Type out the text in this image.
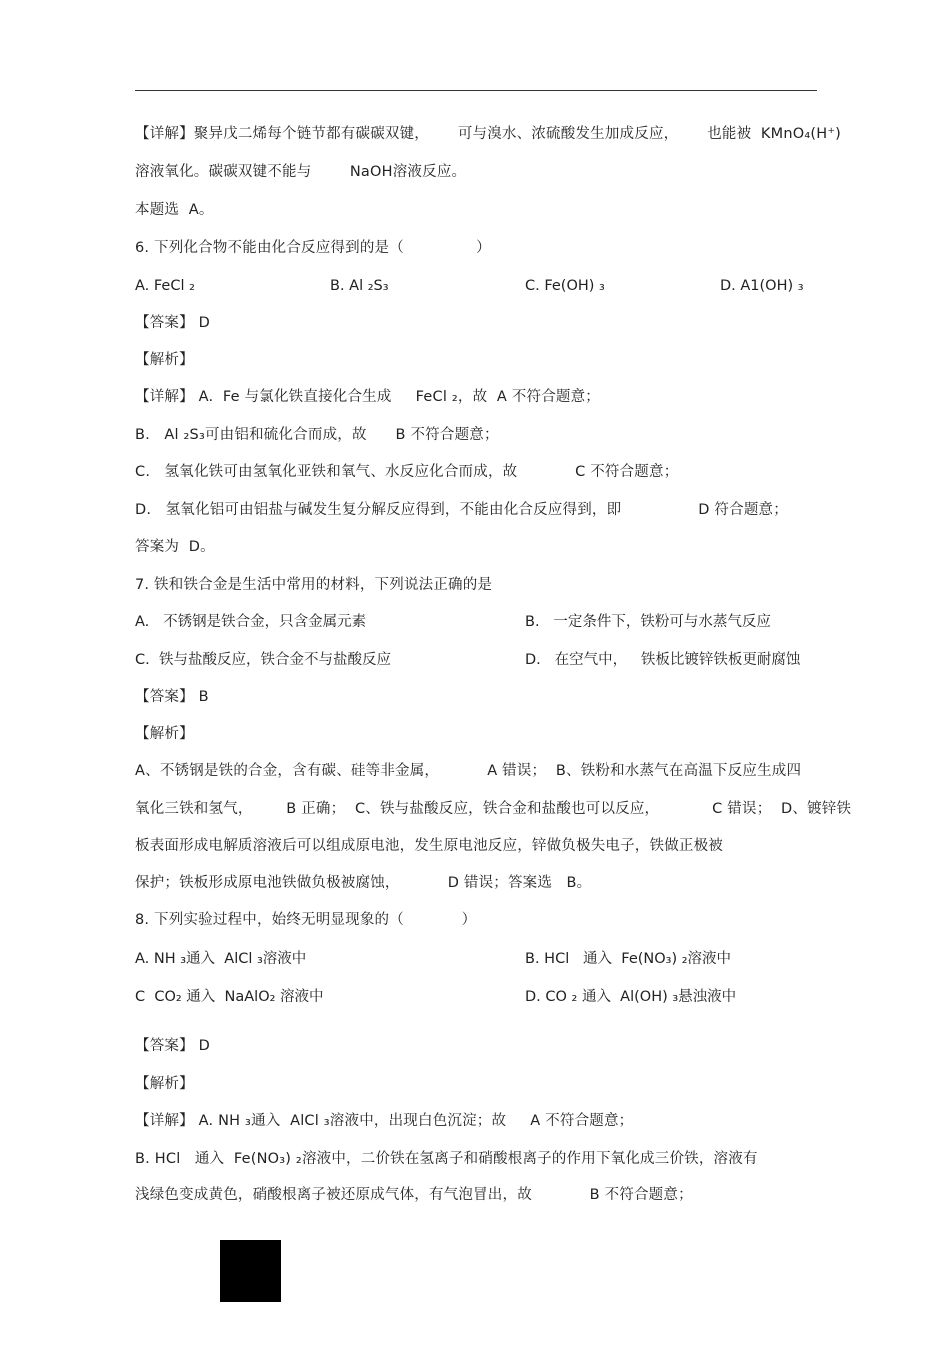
【详解】聚异戊二烯每个链节都有碳碳双键，      可与溴水、浓硫酸发生加成反应，      也能被  KMnO₄(H⁺)
溶液氧化。碳碳双键不能与        NaOH溶液反应。
本题选  A。
6. 下列化合物不能由化合反应得到的是（               ）
A. FeCl ₂	B. Al ₂S₃	C. Fe(OH) ₃	D. A1(OH) ₃
【答案】 D
【解析】
【详解】 A.  Fe 与氯化铁直接化合生成     FeCl ₂，故  A 不符合题意；
B.   Al ₂S₃可由铝和硫化合而成，故      B 不符合题意；
C.   氢氧化铁可由氢氧化亚铁和氧气、水反应化合而成，故            C 不符合题意；
D.   氢氧化铝可由铝盐与碱发生复分解反应得到，不能由化合反应得到，即                D 符合题意；
答案为  D。
7. 铁和铁合金是生活中常用的材料，下列说法正确的是
A.   不锈钢是铁合金，只含金属元素	B.   一定条件下，铁粉可与水蒸气反应
C.  铁与盐酸反应，铁合金不与盐酸反应	D.   在空气中，   铁板比镀锌铁板更耐腐蚀
【答案】 B
【解析】
A、不锈钢是铁的合金，含有碳、硅等非金属，          A 错误；  B、铁粉和水蒸气在高温下反应生成四
氧化三铁和氢气，       B 正确；  C、铁与盐酸反应，铁合金和盐酸也可以反应，           C 错误；  D、镀锌铁
板表面形成电解质溶液后可以组成原电池，发生原电池反应，锌做负极失电子，铁做正极被
保护；铁板形成原电池铁做负极被腐蚀，          D 错误；答案选   B。
8. 下列实验过程中，始终无明显现象的（            ）
A. NH ₃通入  AlCl ₃溶液中	B. HCl   通入  Fe(NO₃) ₂溶液中
C  CO₂ 通入  NaAlO₂ 溶液中	D. CO ₂ 通入  Al(OH) ₃悬浊液中
【答案】 D
【解析】
【详解】 A. NH ₃通入  AlCl ₃溶液中，出现白色沉淀；故     A 不符合题意；
B. HCl   通入  Fe(NO₃) ₂溶液中，二价铁在氢离子和硝酸根离子的作用下氧化成三价铁，溶液有
浅绿色变成黄色，硝酸根离子被还原成气体，有气泡冒出，故            B 不符合题意；
